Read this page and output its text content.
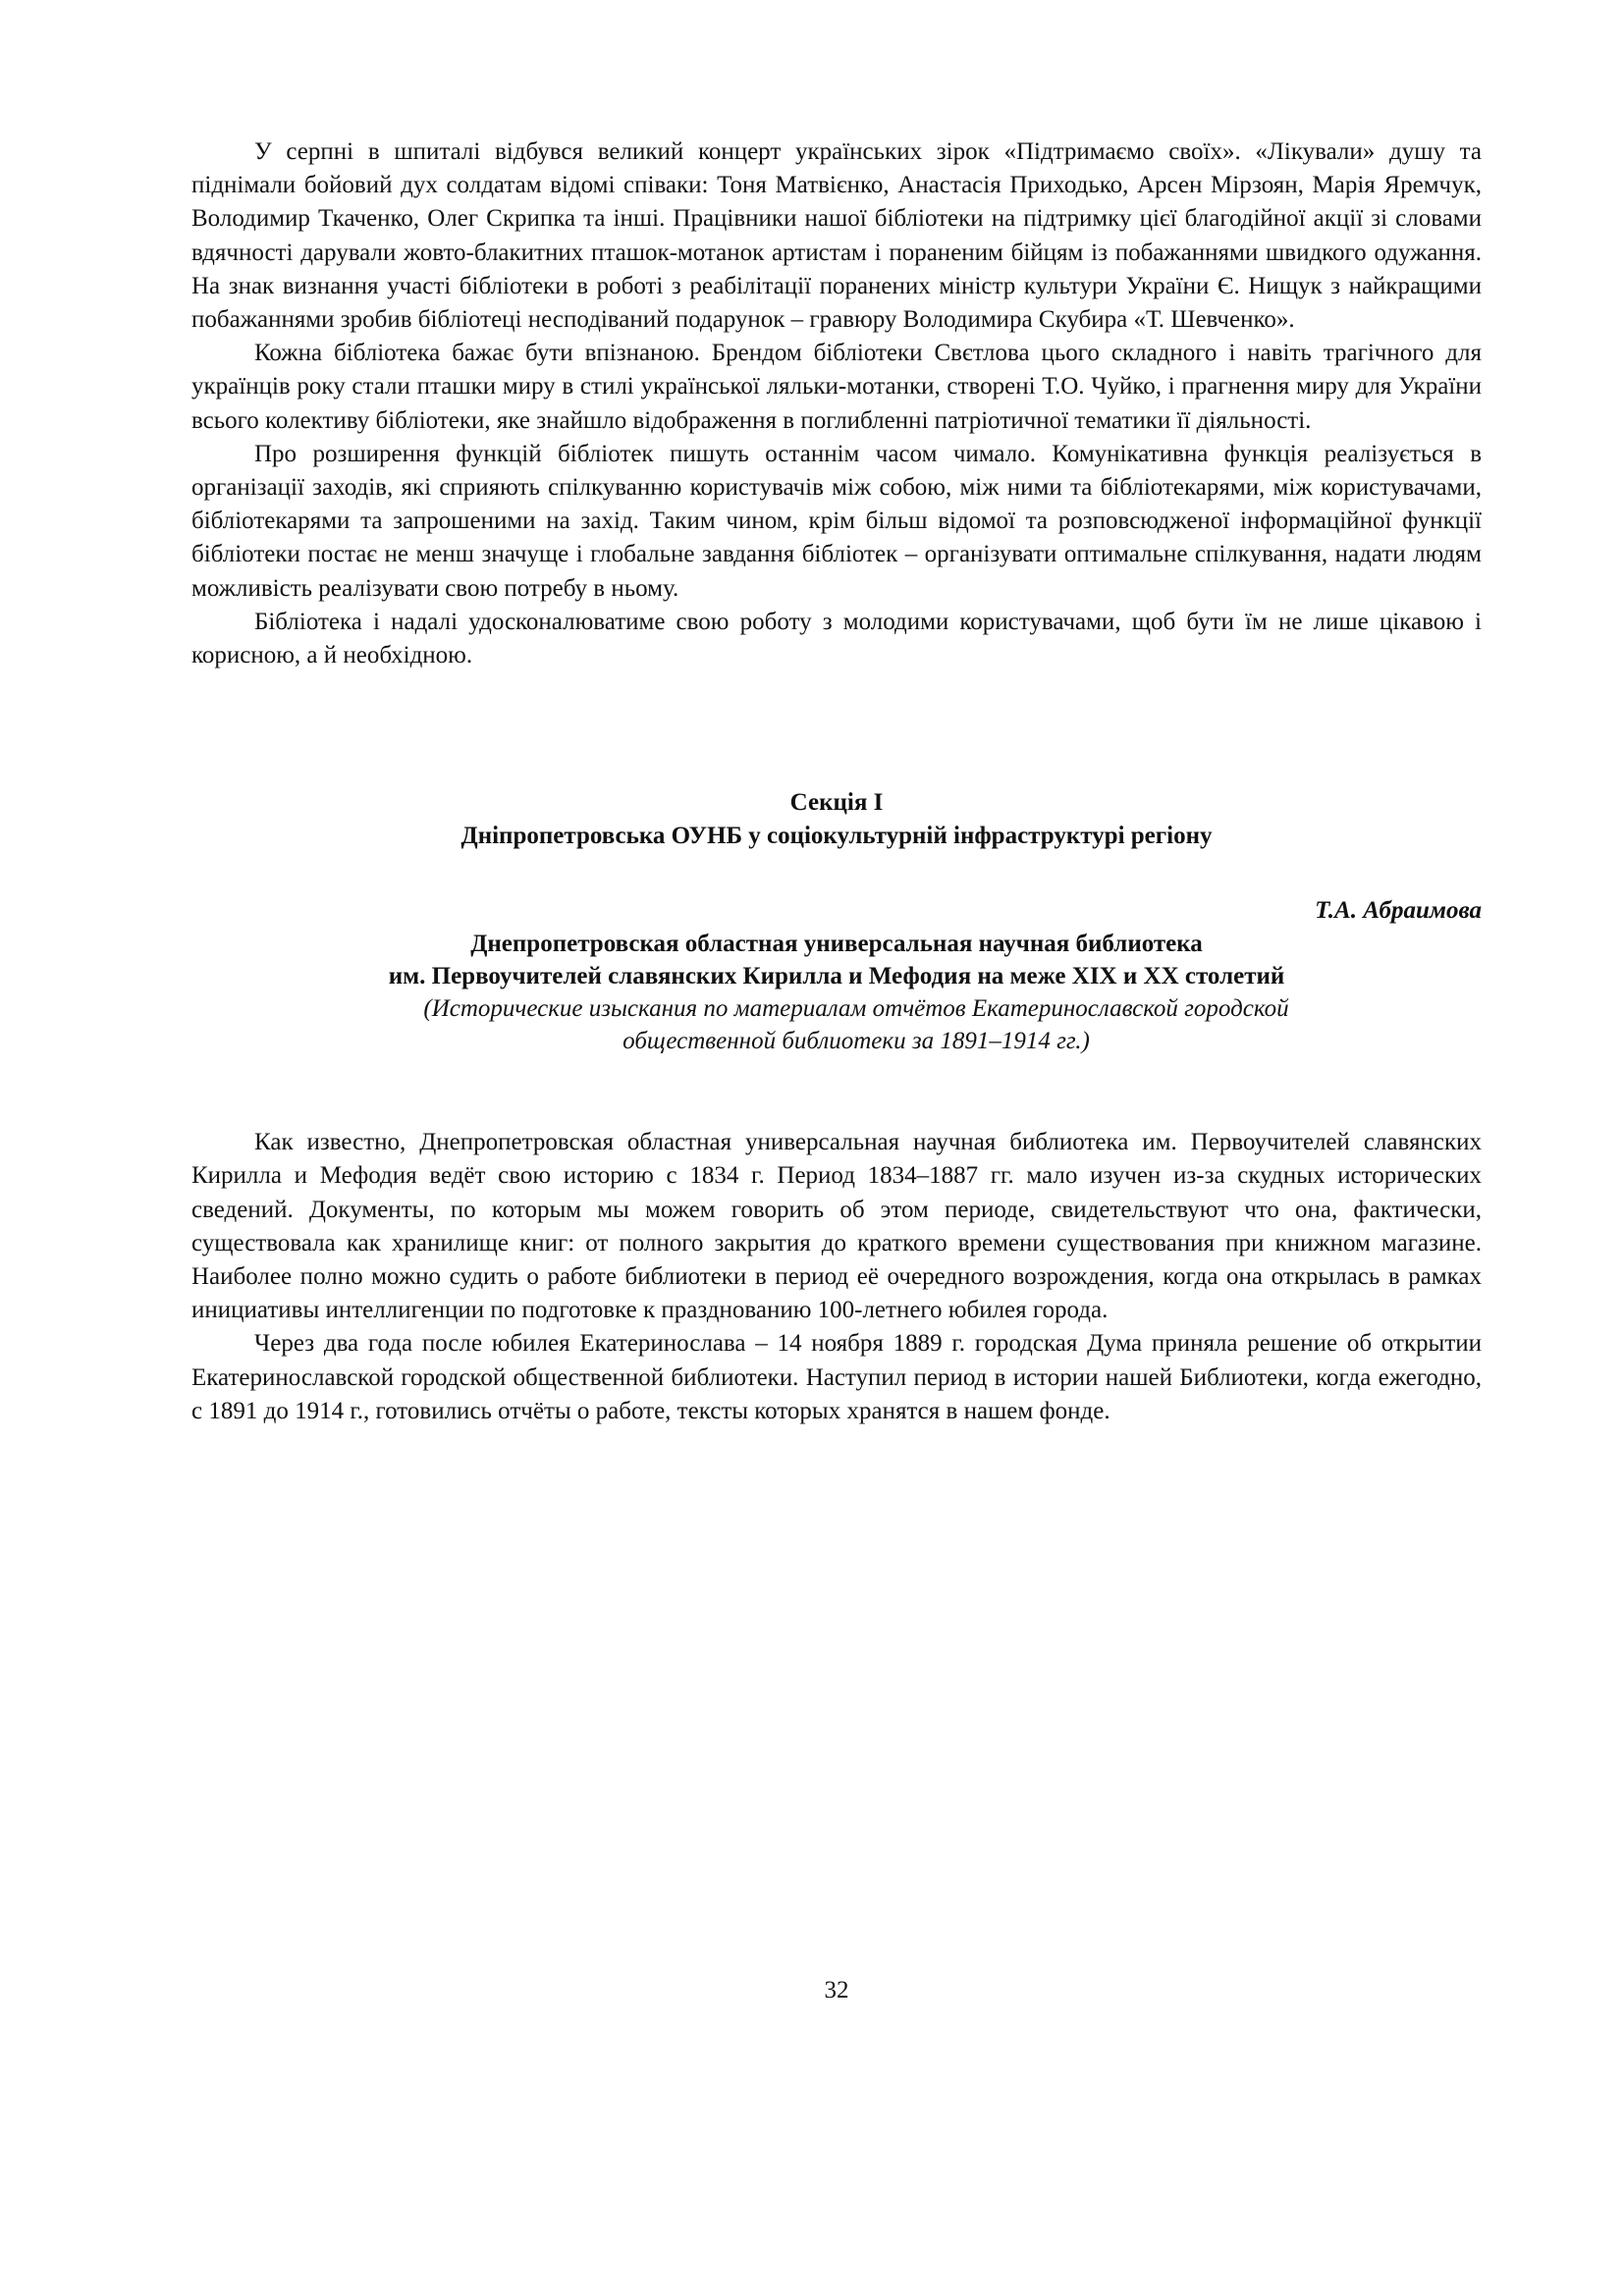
У серпні в шпиталі відбувся великий концерт українських зірок «Підтримаємо своїх». «Лікували» душу та піднімали бойовий дух солдатам відомі співаки: Тоня Матвієнко, Анастасія Приходько, Арсен Мірзоян, Марія Яремчук, Володимир Ткаченко, Олег Скрипка та інші. Працівники нашої бібліотеки на підтримку цієї благодійної акції зі словами вдячності дарували жовто-блакитних пташок-мотанок артистам і пораненим бійцям із побажаннями швидкого одужання. На знак визнання участі бібліотеки в роботі з реабілітації поранених міністр культури України Є. Нищук з найкращими побажаннями зробив бібліотеці несподіваний подарунок – гравюру Володимира Скубира «Т. Шевченко».

Кожна бібліотека бажає бути впізнаною. Брендом бібліотеки Свєтлова цього складного і навіть трагічного для українців року стали пташки миру в стилі української ляльки-мотанки, створені Т.О. Чуйко, і прагнення миру для України всього колективу бібліотеки, яке знайшло відображення в поглибленні патріотичної тематики її діяльності.

Про розширення функцій бібліотек пишуть останнім часом чимало. Комунікативна функція реалізується в організації заходів, які сприяють спілкуванню користувачів між собою, між ними та бібліотекарями, між користувачами, бібліотекарями та запрошеними на захід. Таким чином, крім більш відомої та розповсюдженої інформаційної функції бібліотеки постає не менш значуще і глобальне завдання бібліотек – організувати оптимальне спілкування, надати людям можливість реалізувати свою потребу в ньому.

Бібліотека і надалі удосконалюватиме свою роботу з молодими користувачами, щоб бути їм не лише цікавою і корисною, а й необхідною.

Секція І

Дніпропетровська ОУНБ у соціокультурній інфраструктурі регіону

Т.А. Абраимова

Днепропетровская областная универсальная научная библиотека

им. Первоучителей славянских Кирилла и Мефодия на меже XIX и ХХ столетий

(Исторические изыскания по материалам отчётов Екатеринославской городской

общественной библиотеки за 1891–1914 гг.)

Как известно, Днепропетровская областная универсальная научная библиотека им. Первоучителей славянских Кирилла и Мефодия ведёт свою историю с 1834 г. Период 1834–1887 гг. мало изучен из-за скудных исторических сведений. Документы, по которым мы можем говорить об этом периоде, свидетельствуют что она, фактически, существовала как хранилище книг: от полного закрытия до краткого времени существования при книжном магазине. Наиболее полно можно судить о работе библиотеки в период её очередного возрождения, когда она открылась в рамках инициативы интеллигенции по подготовке к празднованию 100-летнего юбилея города.

Через два года после юбилея Екатеринослава – 14 ноября 1889 г. городская Дума приняла решение об открытии Екатеринославской городской общественной библиотеки. Наступил период в истории нашей Библиотеки, когда ежегодно, с 1891 до 1914 г., готовились отчёты о работе, тексты которых хранятся в нашем фонде.

32
